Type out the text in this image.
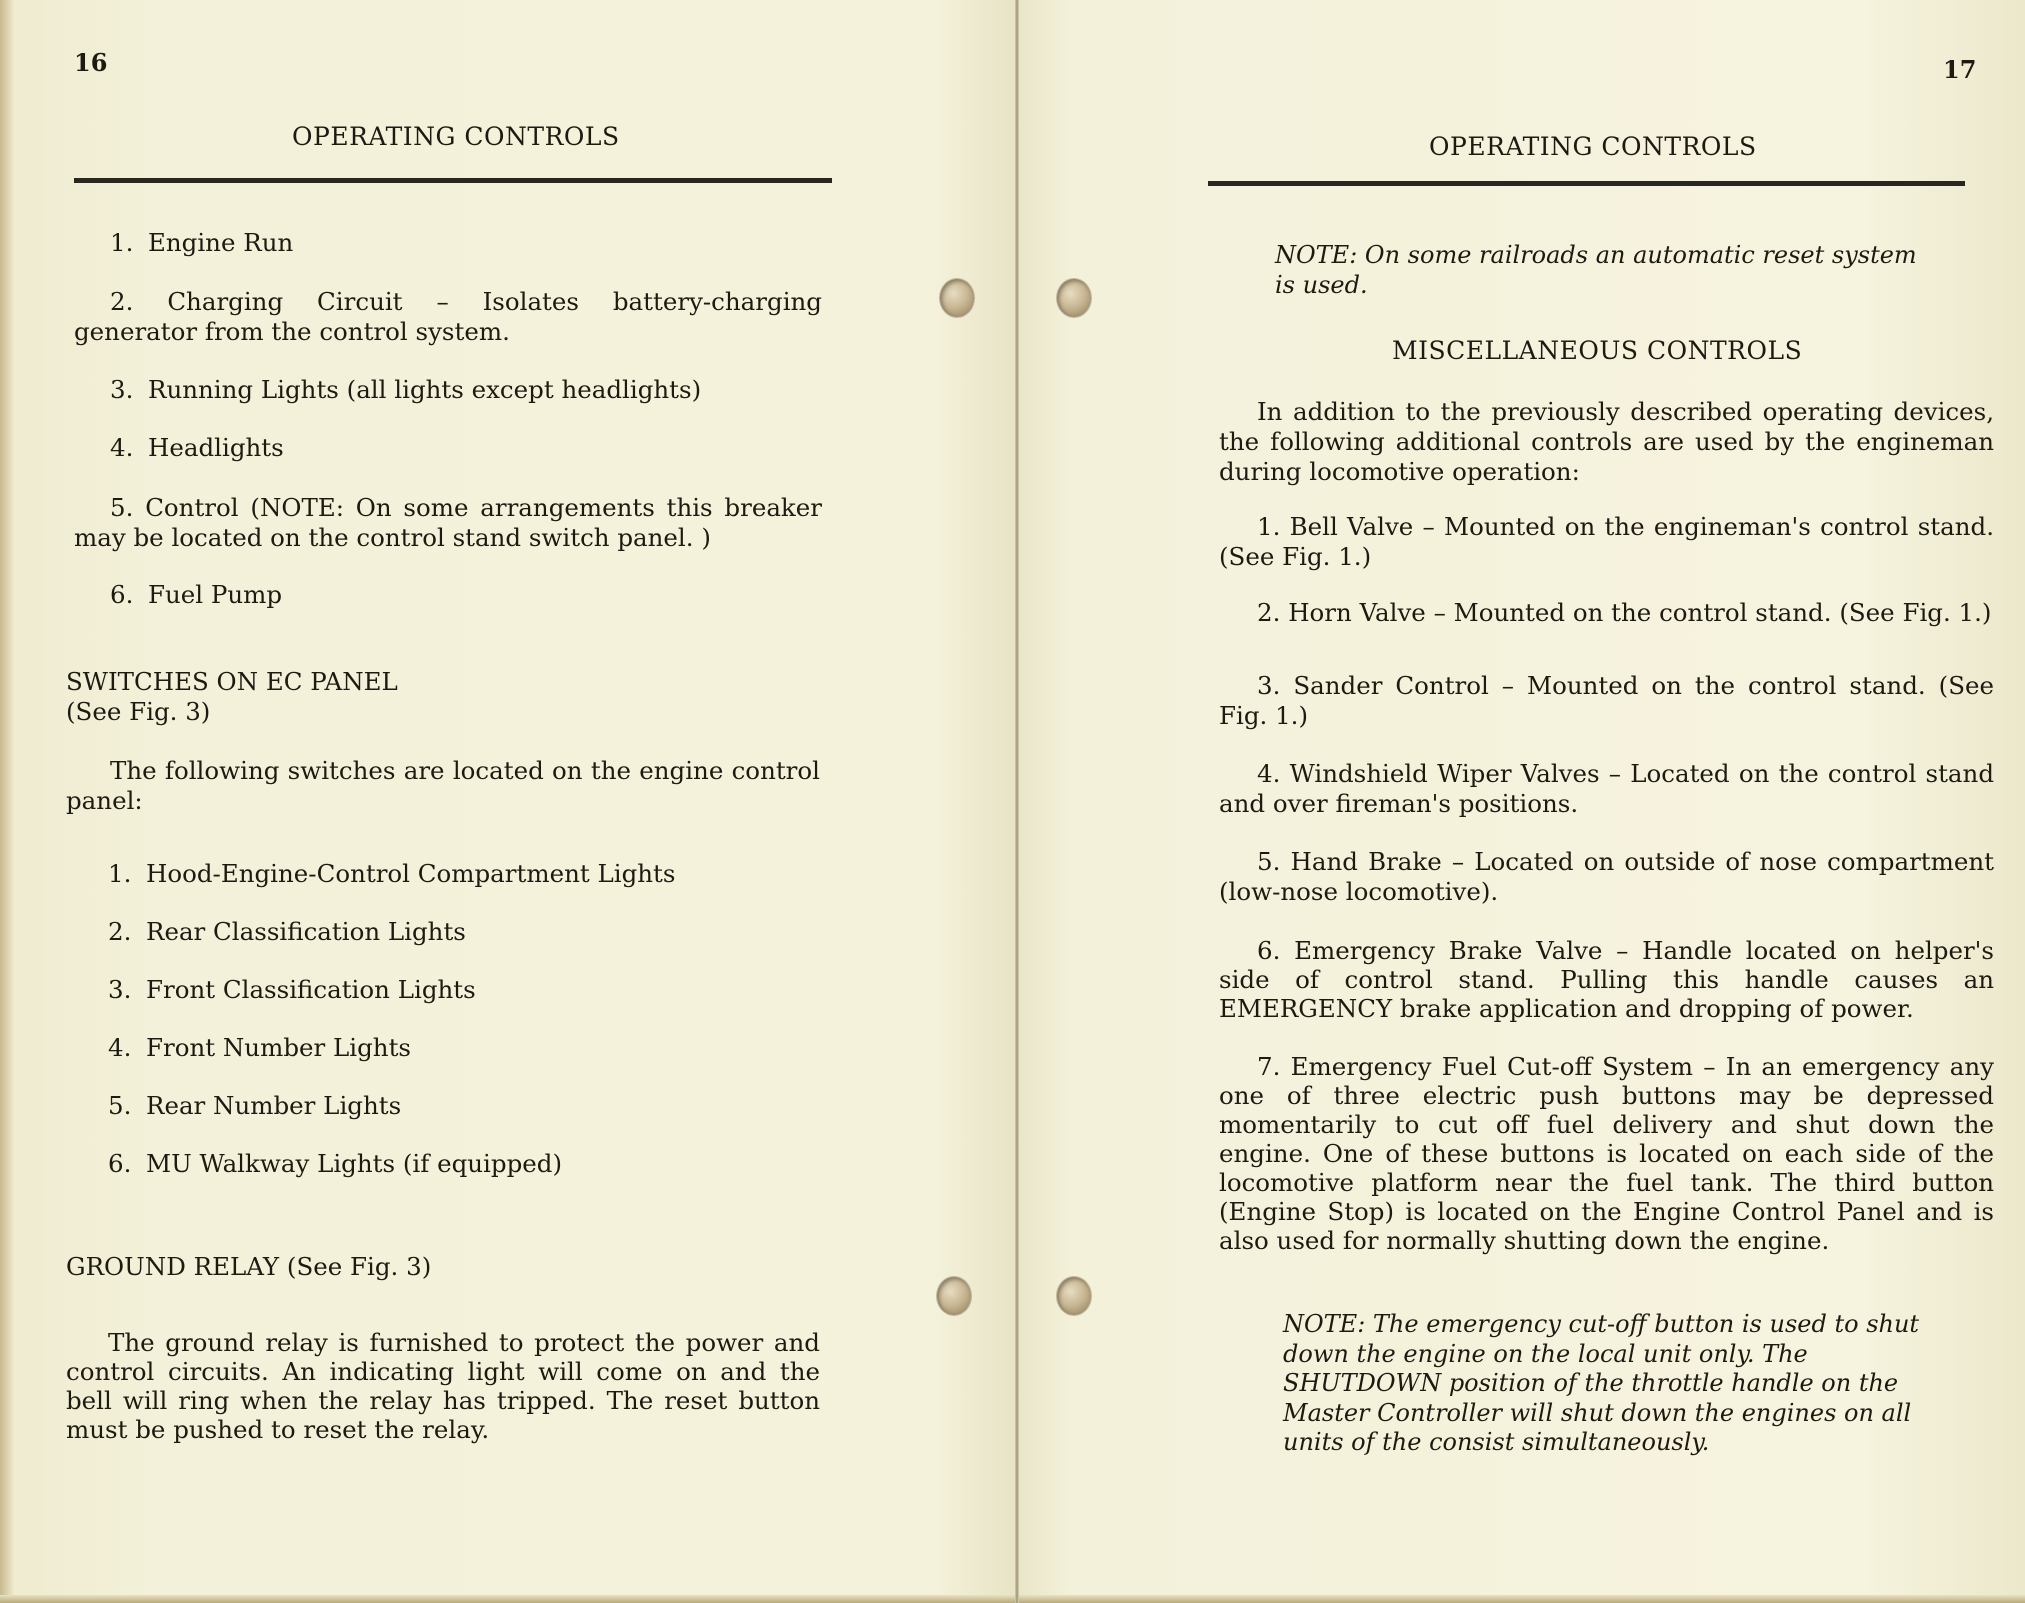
16
OPERATING CONTROLS
1. Engine Run
2. Charging Circuit – Isolates battery-charging generator from the control system.
3. Running Lights (all lights except headlights)
4. Headlights
5. Control (NOTE: On some arrangements this breaker may be located on the control stand switch panel. )
6. Fuel Pump
SWITCHES ON EC PANEL
(See Fig. 3)
The following switches are located on the engine control panel:
1. Hood-Engine-Control Compartment Lights
2. Rear Classification Lights
3. Front Classification Lights
4. Front Number Lights
5. Rear Number Lights
6. MU Walkway Lights (if equipped)
GROUND RELAY (See Fig. 3)
The ground relay is furnished to protect the power and control circuits. An indicating light will come on and the bell will ring when the relay has tripped. The reset button must be pushed to reset the relay.
17
OPERATING CONTROLS
NOTE: On some railroads an automatic reset system is used.
MISCELLANEOUS CONTROLS
In addition to the previously described operating devices, the following additional controls are used by the engineman during locomotive operation:
1. Bell Valve – Mounted on the engineman's control stand. (See Fig. 1.)
2. Horn Valve – Mounted on the control stand. (See Fig. 1.)
3. Sander Control – Mounted on the control stand. (See Fig. 1.)
4. Windshield Wiper Valves – Located on the control stand and over fireman's positions.
5. Hand Brake – Located on outside of nose compartment (low-nose locomotive).
6. Emergency Brake Valve – Handle located on helper's side of control stand. Pulling this handle causes an EMERGENCY brake application and dropping of power.
7. Emergency Fuel Cut-off System – In an emergency any one of three electric push buttons may be depressed momentarily to cut off fuel delivery and shut down the engine. One of these buttons is located on each side of the locomotive platform near the fuel tank. The third button (Engine Stop) is located on the Engine Control Panel and is also used for normally shutting down the engine.
NOTE: The emergency cut-off button is used to shut down the engine on the local unit only. The SHUTDOWN position of the throttle handle on the Master Controller will shut down the engines on all units of the consist simultaneously.
